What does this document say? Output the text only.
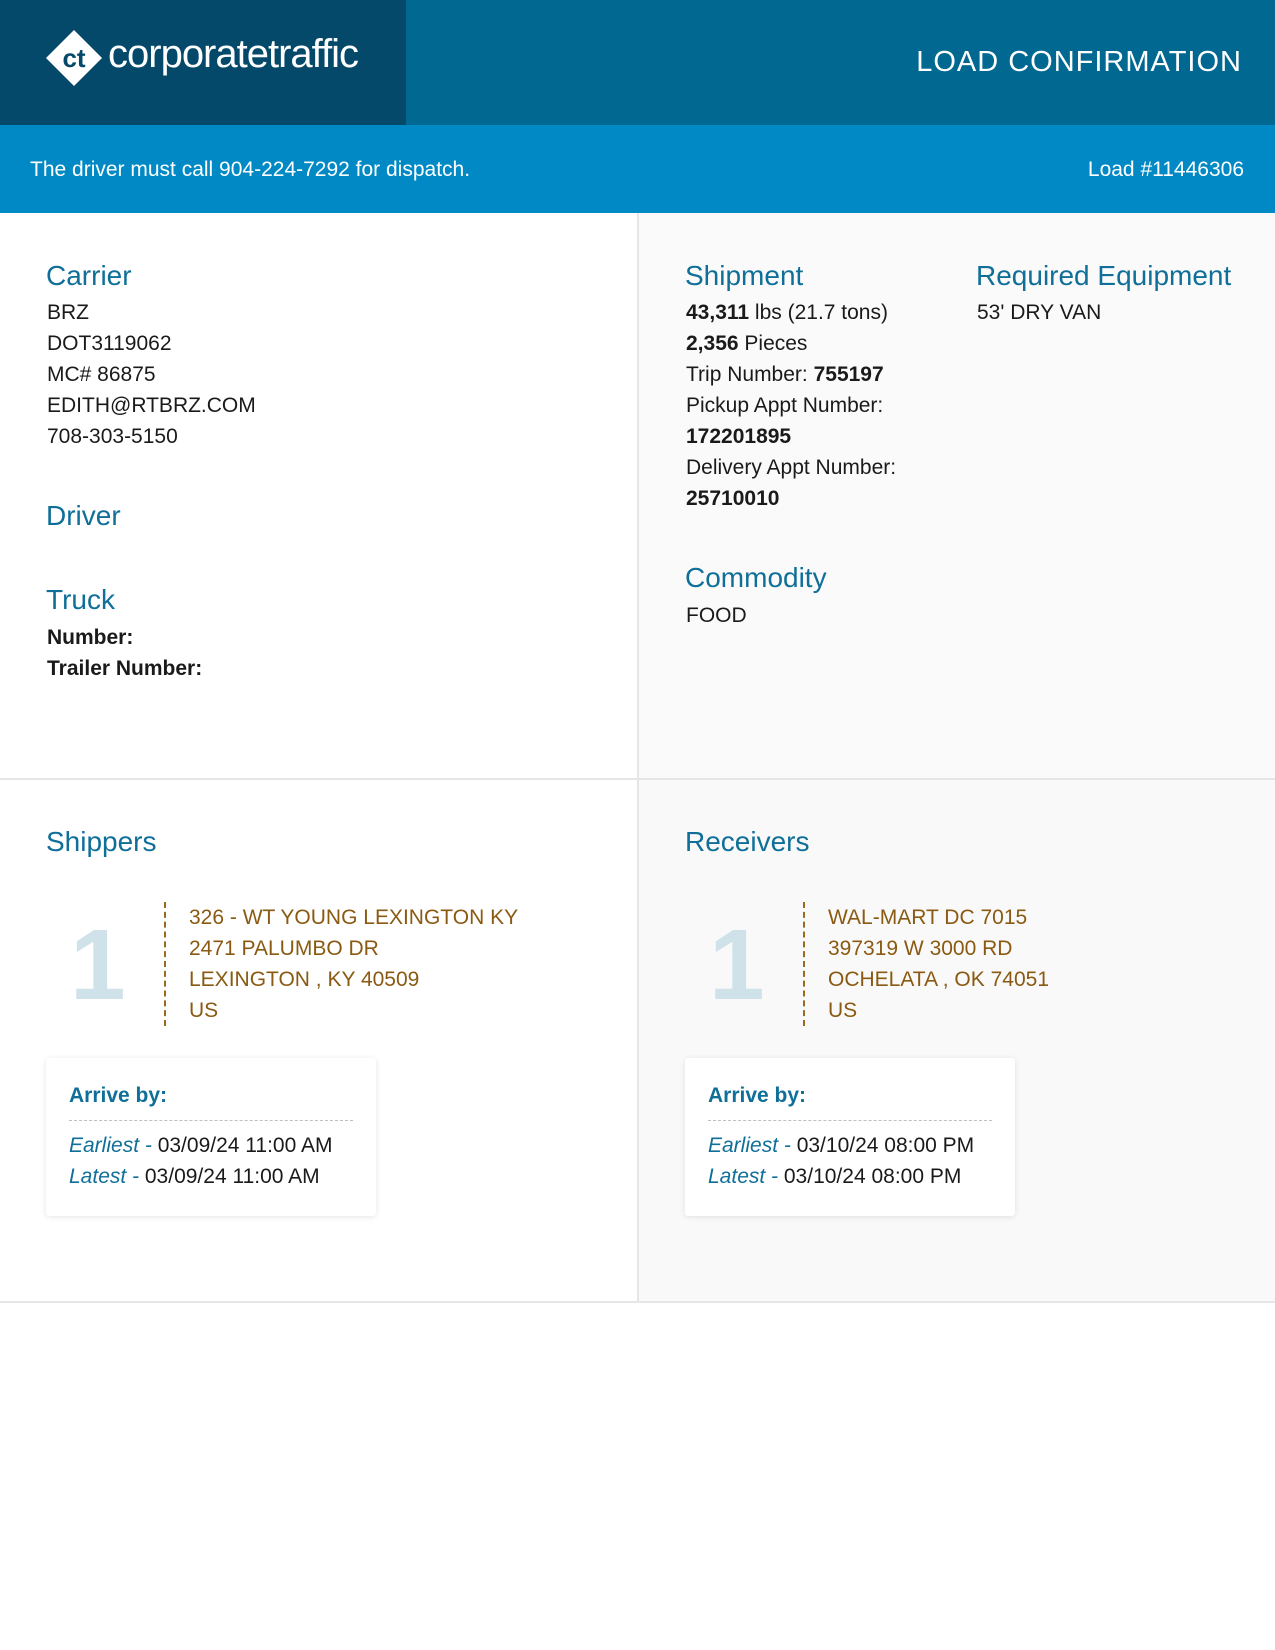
ct corporatetraffic	LOAD CONFIRMATION
The driver must call 904-224-7292 for dispatch.	Load #11446306
Carrier
BRZ
DOT3119062
MC# 86875
EDITH@RTBRZ.COM
708-303-5150
Driver
Truck
Number:
Trailer Number:
Shipment
43,311 lbs (21.7 tons)
2,356 Pieces
Trip Number: 755197
Pickup Appt Number:
172201895
Delivery Appt Number:
25710010
Required Equipment
53' DRY VAN
Commodity
FOOD
Shippers
1	326 - WT YOUNG LEXINGTON KY
2471 PALUMBO DR
LEXINGTON , KY 40509
US
Arrive by:
Earliest - 03/09/24 11:00 AM
Latest - 03/09/24 11:00 AM
Receivers
1	WAL-MART DC 7015
397319 W 3000 RD
OCHELATA , OK 74051
US
Arrive by:
Earliest - 03/10/24 08:00 PM
Latest - 03/10/24 08:00 PM
